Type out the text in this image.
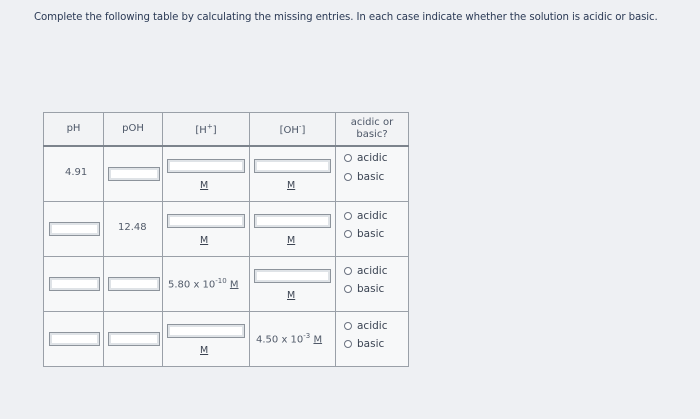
Complete the following table by calculating the missing entries. In each case indicate whether the solution is acidic or basic.
pH	pOH	[H+]	[OH-]	acidic or
basic?

4.91		M	M	acidic
basic

	12.48	M	M	acidic
basic

		5.80 x $10^{-10}$ M	M	acidic
basic

		M	4.50 x $10^{-3}$ M	acidic
basic
